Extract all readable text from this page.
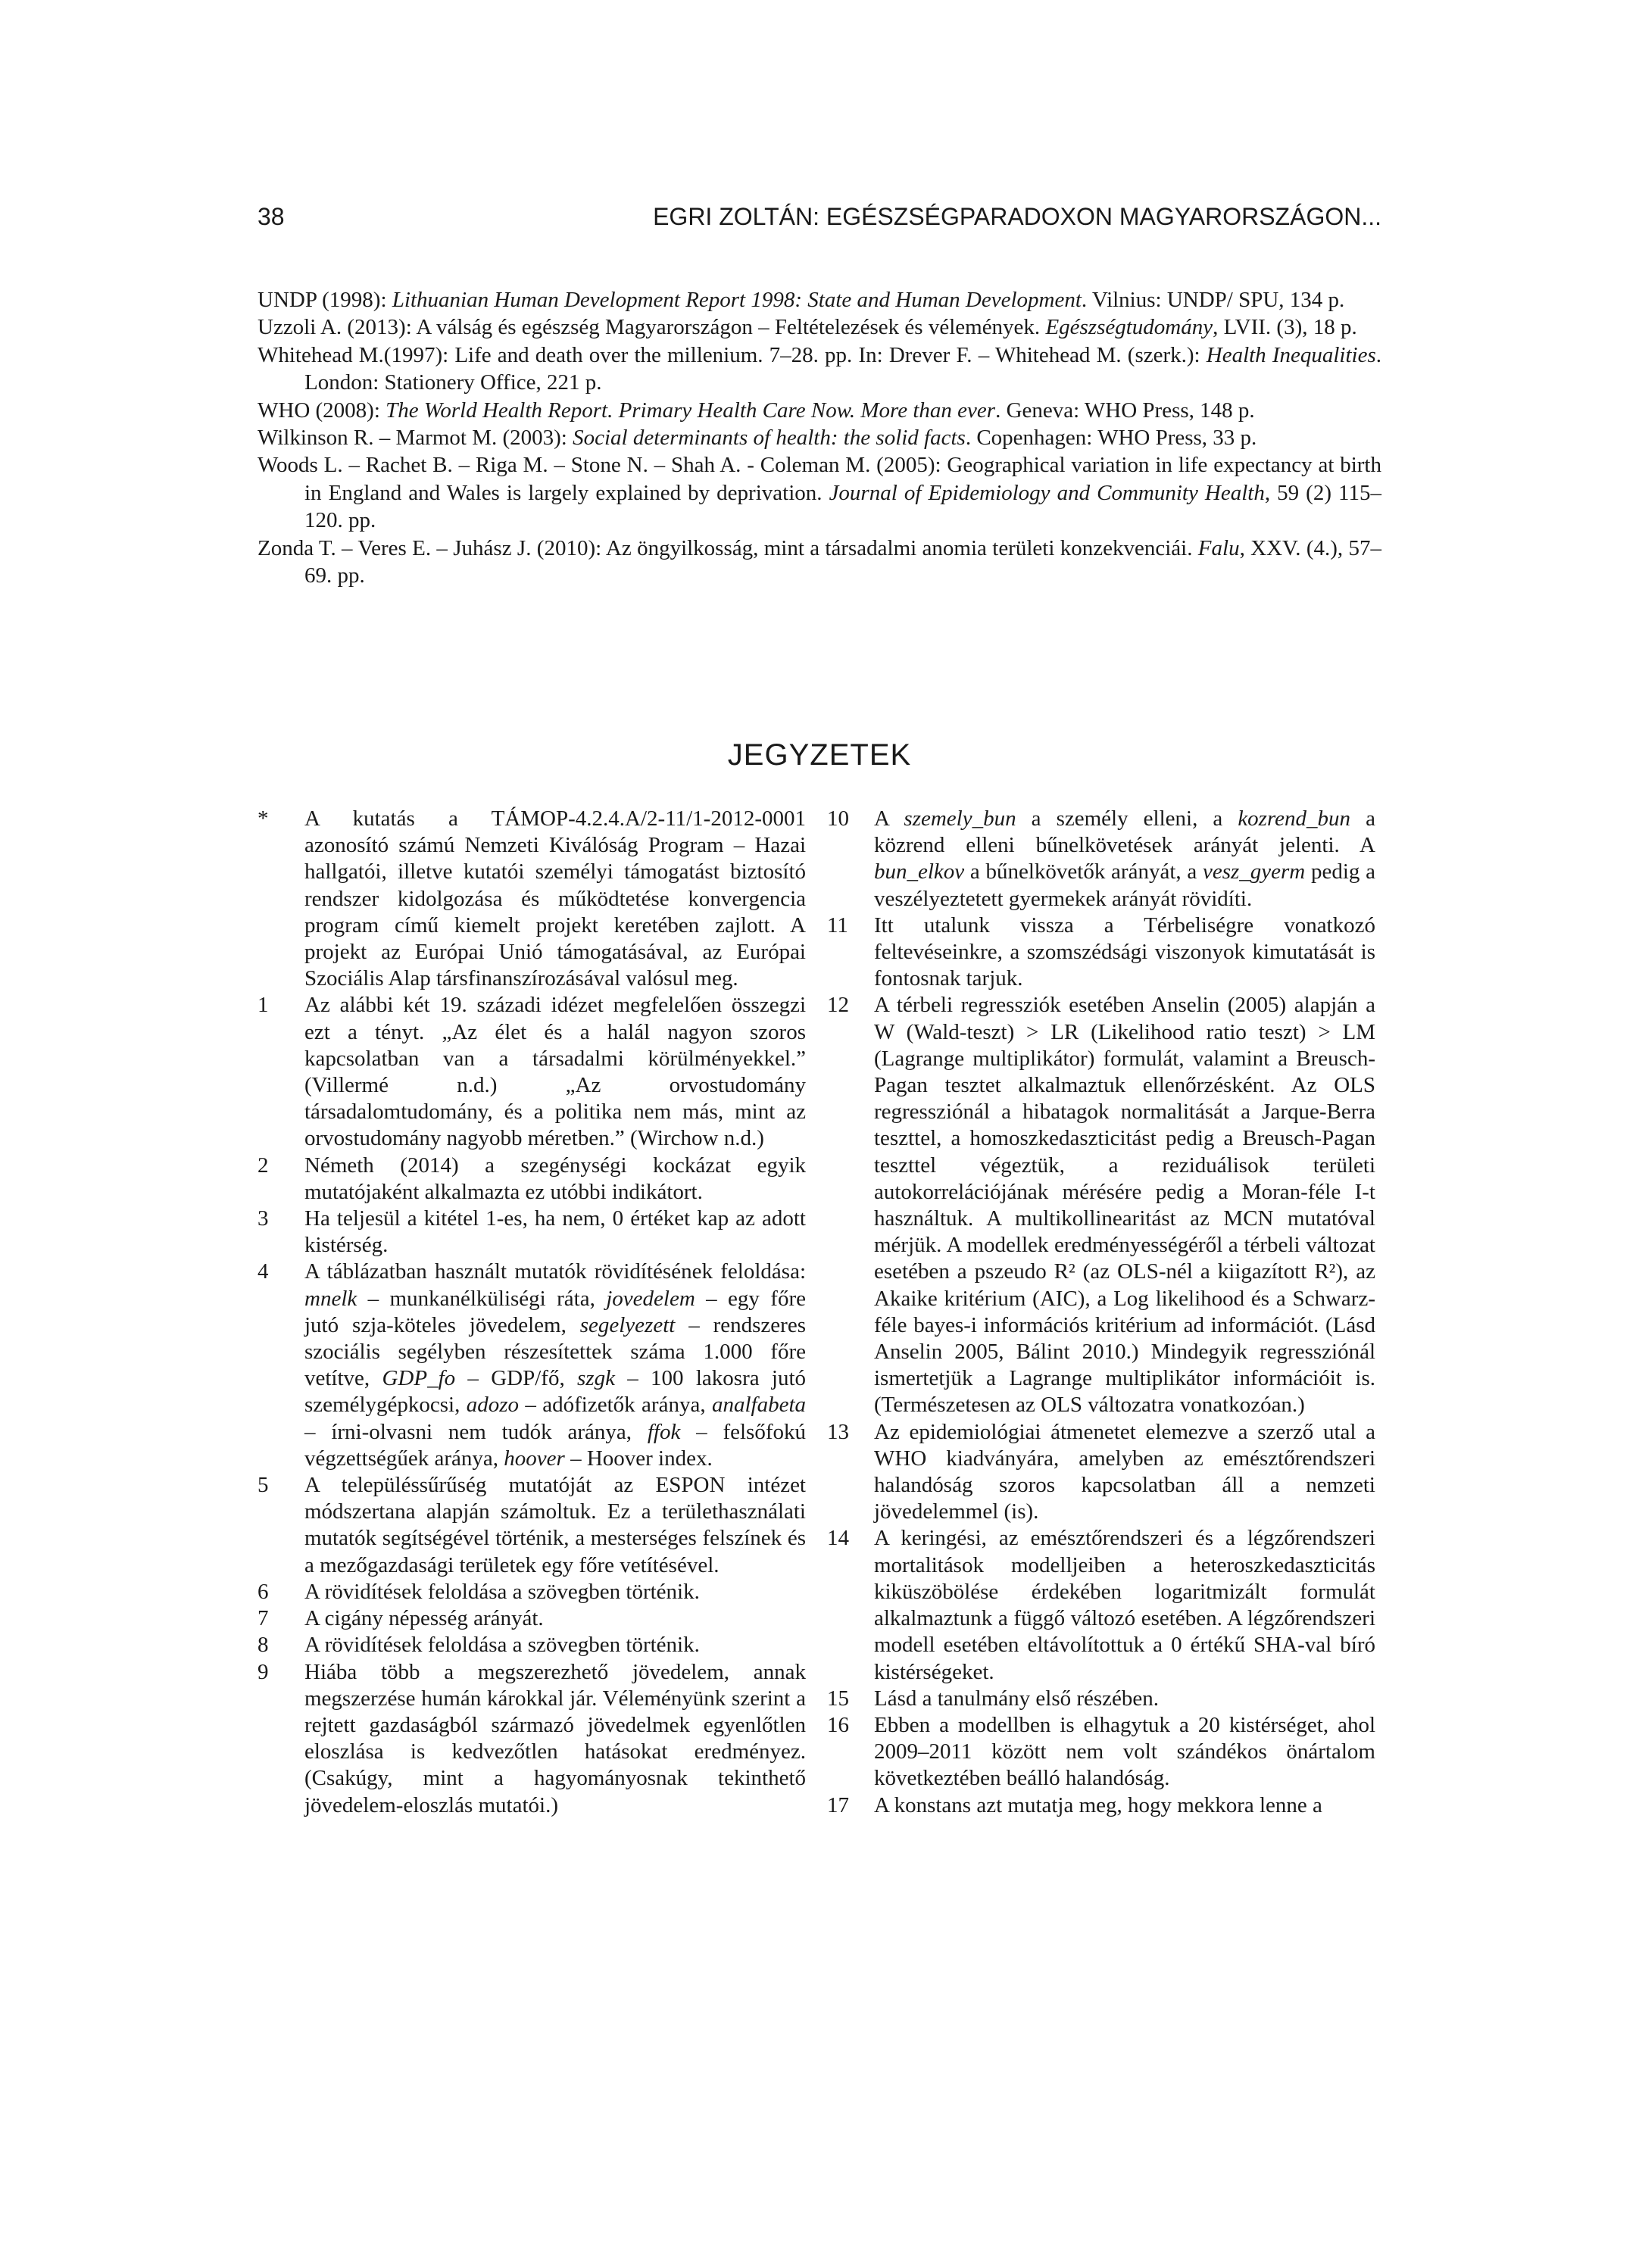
38	EGRI ZOLTÁN: EGÉSZSÉGPARADOXON MAGYARORSZÁGON...

UNDP (1998): Lithuanian Human Development Report 1998: State and Human Development. Vilnius: UNDP/ SPU, 134 p.

Uzzoli A. (2013): A válság és egészség Magyarországon – Feltételezések és vélemények. Egészségtudomány, LVII. (3), 18 p.

Whitehead M.(1997): Life and death over the millenium. 7–28. pp. In: Drever F. – Whitehead M. (szerk.): Health Inequalities. London: Stationery Office, 221 p.

WHO (2008): The World Health Report. Primary Health Care Now. More than ever. Geneva: WHO Press, 148 p.

Wilkinson R. – Marmot M. (2003): Social determinants of health: the solid facts. Copenhagen: WHO Press, 33 p.

Woods L. – Rachet B. – Riga M. – Stone N. – Shah A. - Coleman M. (2005): Geographical variation in life expectancy at birth in England and Wales is largely explained by deprivation. Journal of Epidemiology and Community Health, 59 (2) 115–120. pp.

Zonda T. – Veres E. – Juhász J. (2010): Az öngyilkosság, mint a társadalmi anomia területi konzekvenciái. Falu, XXV. (4.), 57–69. pp.

JEGYZETEK

* A kutatás a TÁMOP-4.2.4.A/2-11/1-2012-0001 azonosító számú Nemzeti Kiválóság Program – Hazai hallgatói, illetve kutatói személyi támogatást biztosító rendszer kidolgozása és működtetése konvergencia program című kiemelt projekt keretében zajlott. A projekt az Európai Unió támogatásával, az Európai Szociális Alap társfinanszírozásával valósul meg.

1 Az alábbi két 19. századi idézet megfelelően összegzi ezt a tényt. „Az élet és a halál nagyon szoros kapcsolatban van a társadalmi körülményekkel.” (Villermé n.d.) „Az orvostudomány társadalomtudomány, és a politika nem más, mint az orvostudomány nagyobb méretben.” (Wirchow n.d.)

2 Németh (2014) a szegénységi kockázat egyik mutatójaként alkalmazta ez utóbbi indikátort.

3 Ha teljesül a kitétel 1-es, ha nem, 0 értéket kap az adott kistérség.

4 A táblázatban használt mutatók rövidítésének feloldása: mnelk – munkanélküliségi ráta, jovedelem – egy főre jutó szja-köteles jövedelem, segelyezett – rendszeres szociális segélyben részesítettek száma 1.000 főre vetítve, GDP_fo – GDP/fő, szgk – 100 lakosra jutó személygépkocsi, adozo – adófizetők aránya, analfabeta – írni-olvasni nem tudók aránya, ffok – felsőfokú végzettségűek aránya, hoover – Hoover index.

5 A településsűrűség mutatóját az ESPON intézet módszertana alapján számoltuk. Ez a területhasználati mutatók segítségével történik, a mesterséges felszínek és a mezőgazdasági területek egy főre vetítésével.

6 A rövidítések feloldása a szövegben történik.

7 A cigány népesség arányát.

8 A rövidítések feloldása a szövegben történik.

9 Hiába több a megszerezhető jövedelem, annak megszerzése humán károkkal jár. Véleményünk szerint a rejtett gazdaságból származó jövedelmek egyenlőtlen eloszlása is kedvezőtlen hatásokat eredményez. (Csakúgy, mint a hagyományosnak tekinthető jövedelem-eloszlás mutatói.)

10 A szemely_bun a személy elleni, a kozrend_bun a közrend elleni bűnelkövetések arányát jelenti. A bun_elkov a bűnelkövetők arányát, a vesz_gyerm pedig a veszélyeztetett gyermekek arányát rövidíti.

11 Itt utalunk vissza a Térbeliségre vonatkozó feltevéseinkre, a szomszédsági viszonyok kimutatását is fontosnak tarjuk.

12 A térbeli regressziók esetében Anselin (2005) alapján a W (Wald-teszt) > LR (Likelihood ratio teszt) > LM (Lagrange multiplikátor) formulát, valamint a Breusch-Pagan tesztet alkalmaztuk ellenőrzésként. Az OLS regressziónál a hibatagok normalitását a Jarque-Berra teszttel, a homoszkedaszticitást pedig a Breusch-Pagan teszttel végeztük, a reziduálisok területi autokorrelációjának mérésére pedig a Moran-féle I-t használtuk. A multikollinearitást az MCN mutatóval mérjük. A modellek eredményességéről a térbeli változat esetében a pszeudo R² (az OLS-nél a kiigazított R²), az Akaike kritérium (AIC), a Log likelihood és a Schwarz-féle bayes-i információs kritérium ad információt. (Lásd Anselin 2005, Bálint 2010.) Mindegyik regressziónál ismertetjük a Lagrange multiplikátor információit is. (Természetesen az OLS változatra vonatkozóan.)

13 Az epidemiológiai átmenetet elemezve a szerző utal a WHO kiadványára, amelyben az emésztőrendszeri halandóság szoros kapcsolatban áll a nemzeti jövedelemmel (is).

14 A keringési, az emésztőrendszeri és a légzőrendszeri mortalitások modelljeiben a heteroszkedaszticitás kiküszöbölése érdekében logaritmizált formulát alkalmaztunk a függő változó esetében. A légzőrendszeri modell esetében eltávolítottuk a 0 értékű SHA-val bíró kistérségeket.

15 Lásd a tanulmány első részében.

16 Ebben a modellben is elhagytuk a 20 kistérséget, ahol 2009–2011 között nem volt szándékos önártalom következtében beálló halandóság.

17 A konstans azt mutatja meg, hogy mekkora lenne a
